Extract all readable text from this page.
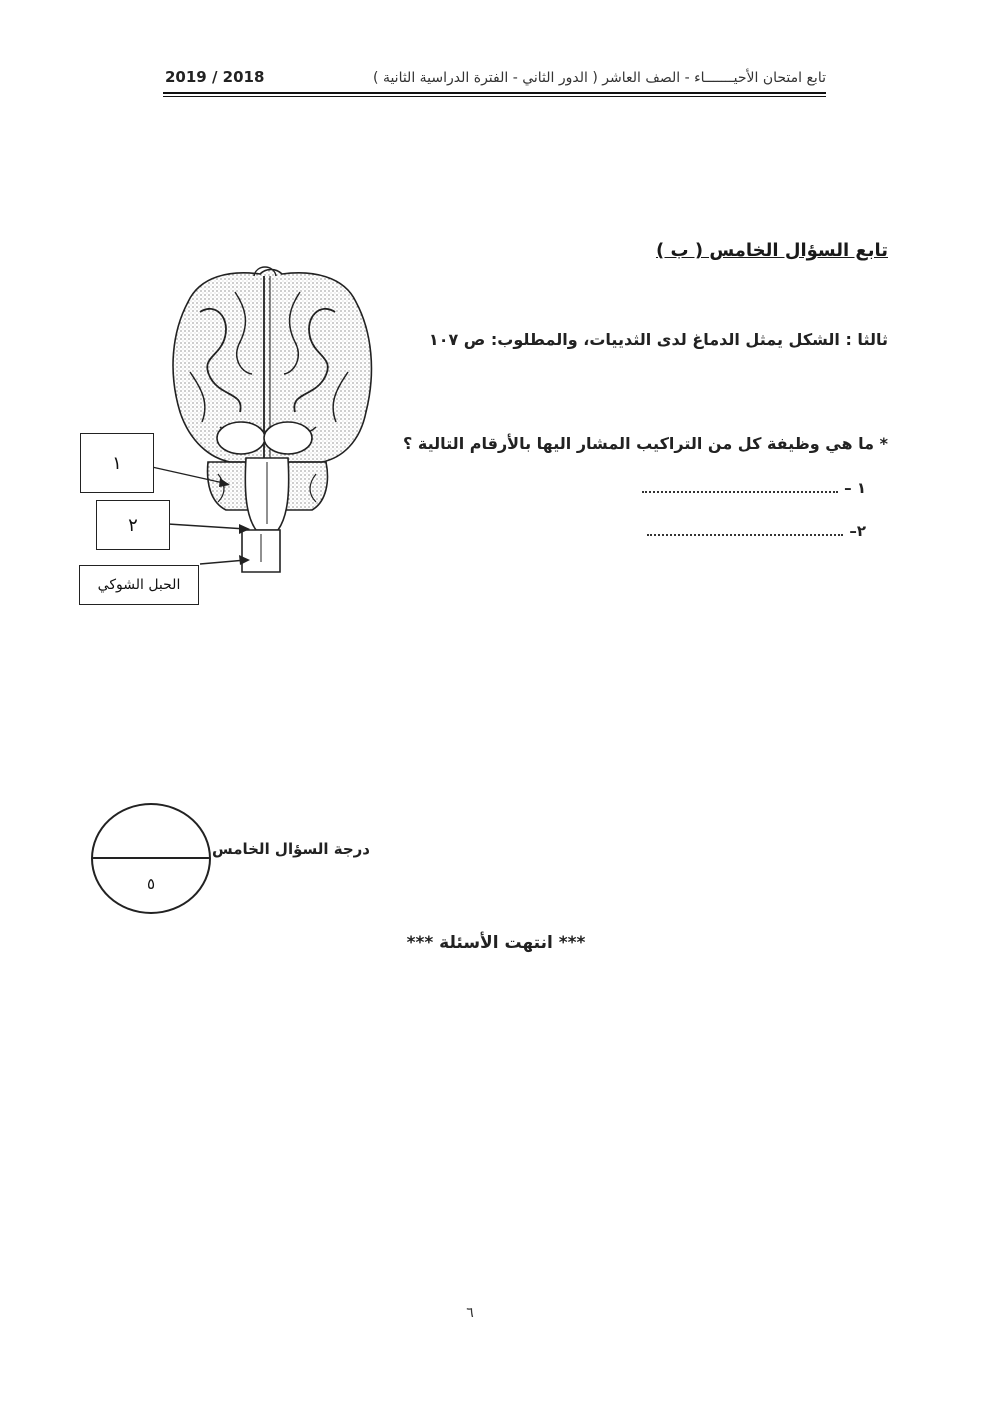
تابع امتحان الأحيـــــــاء - الصف العاشر ( الدور الثاني - الفترة الدراسية الثانية )
2019 / 2018
تابع السؤال الخامس ( ب )
ثالثا : الشكل يمثل الدماغ لدى الثدييات، والمطلوب: ص ١٠٧
* ما هي وظيفة كل من التراكيب المشار اليها بالأرقام التالية ؟
١ –
٢–
١
٢
الحبل الشوكي
٥
درجة السؤال الخامس
*** انتهت الأسئلة ***
٦
